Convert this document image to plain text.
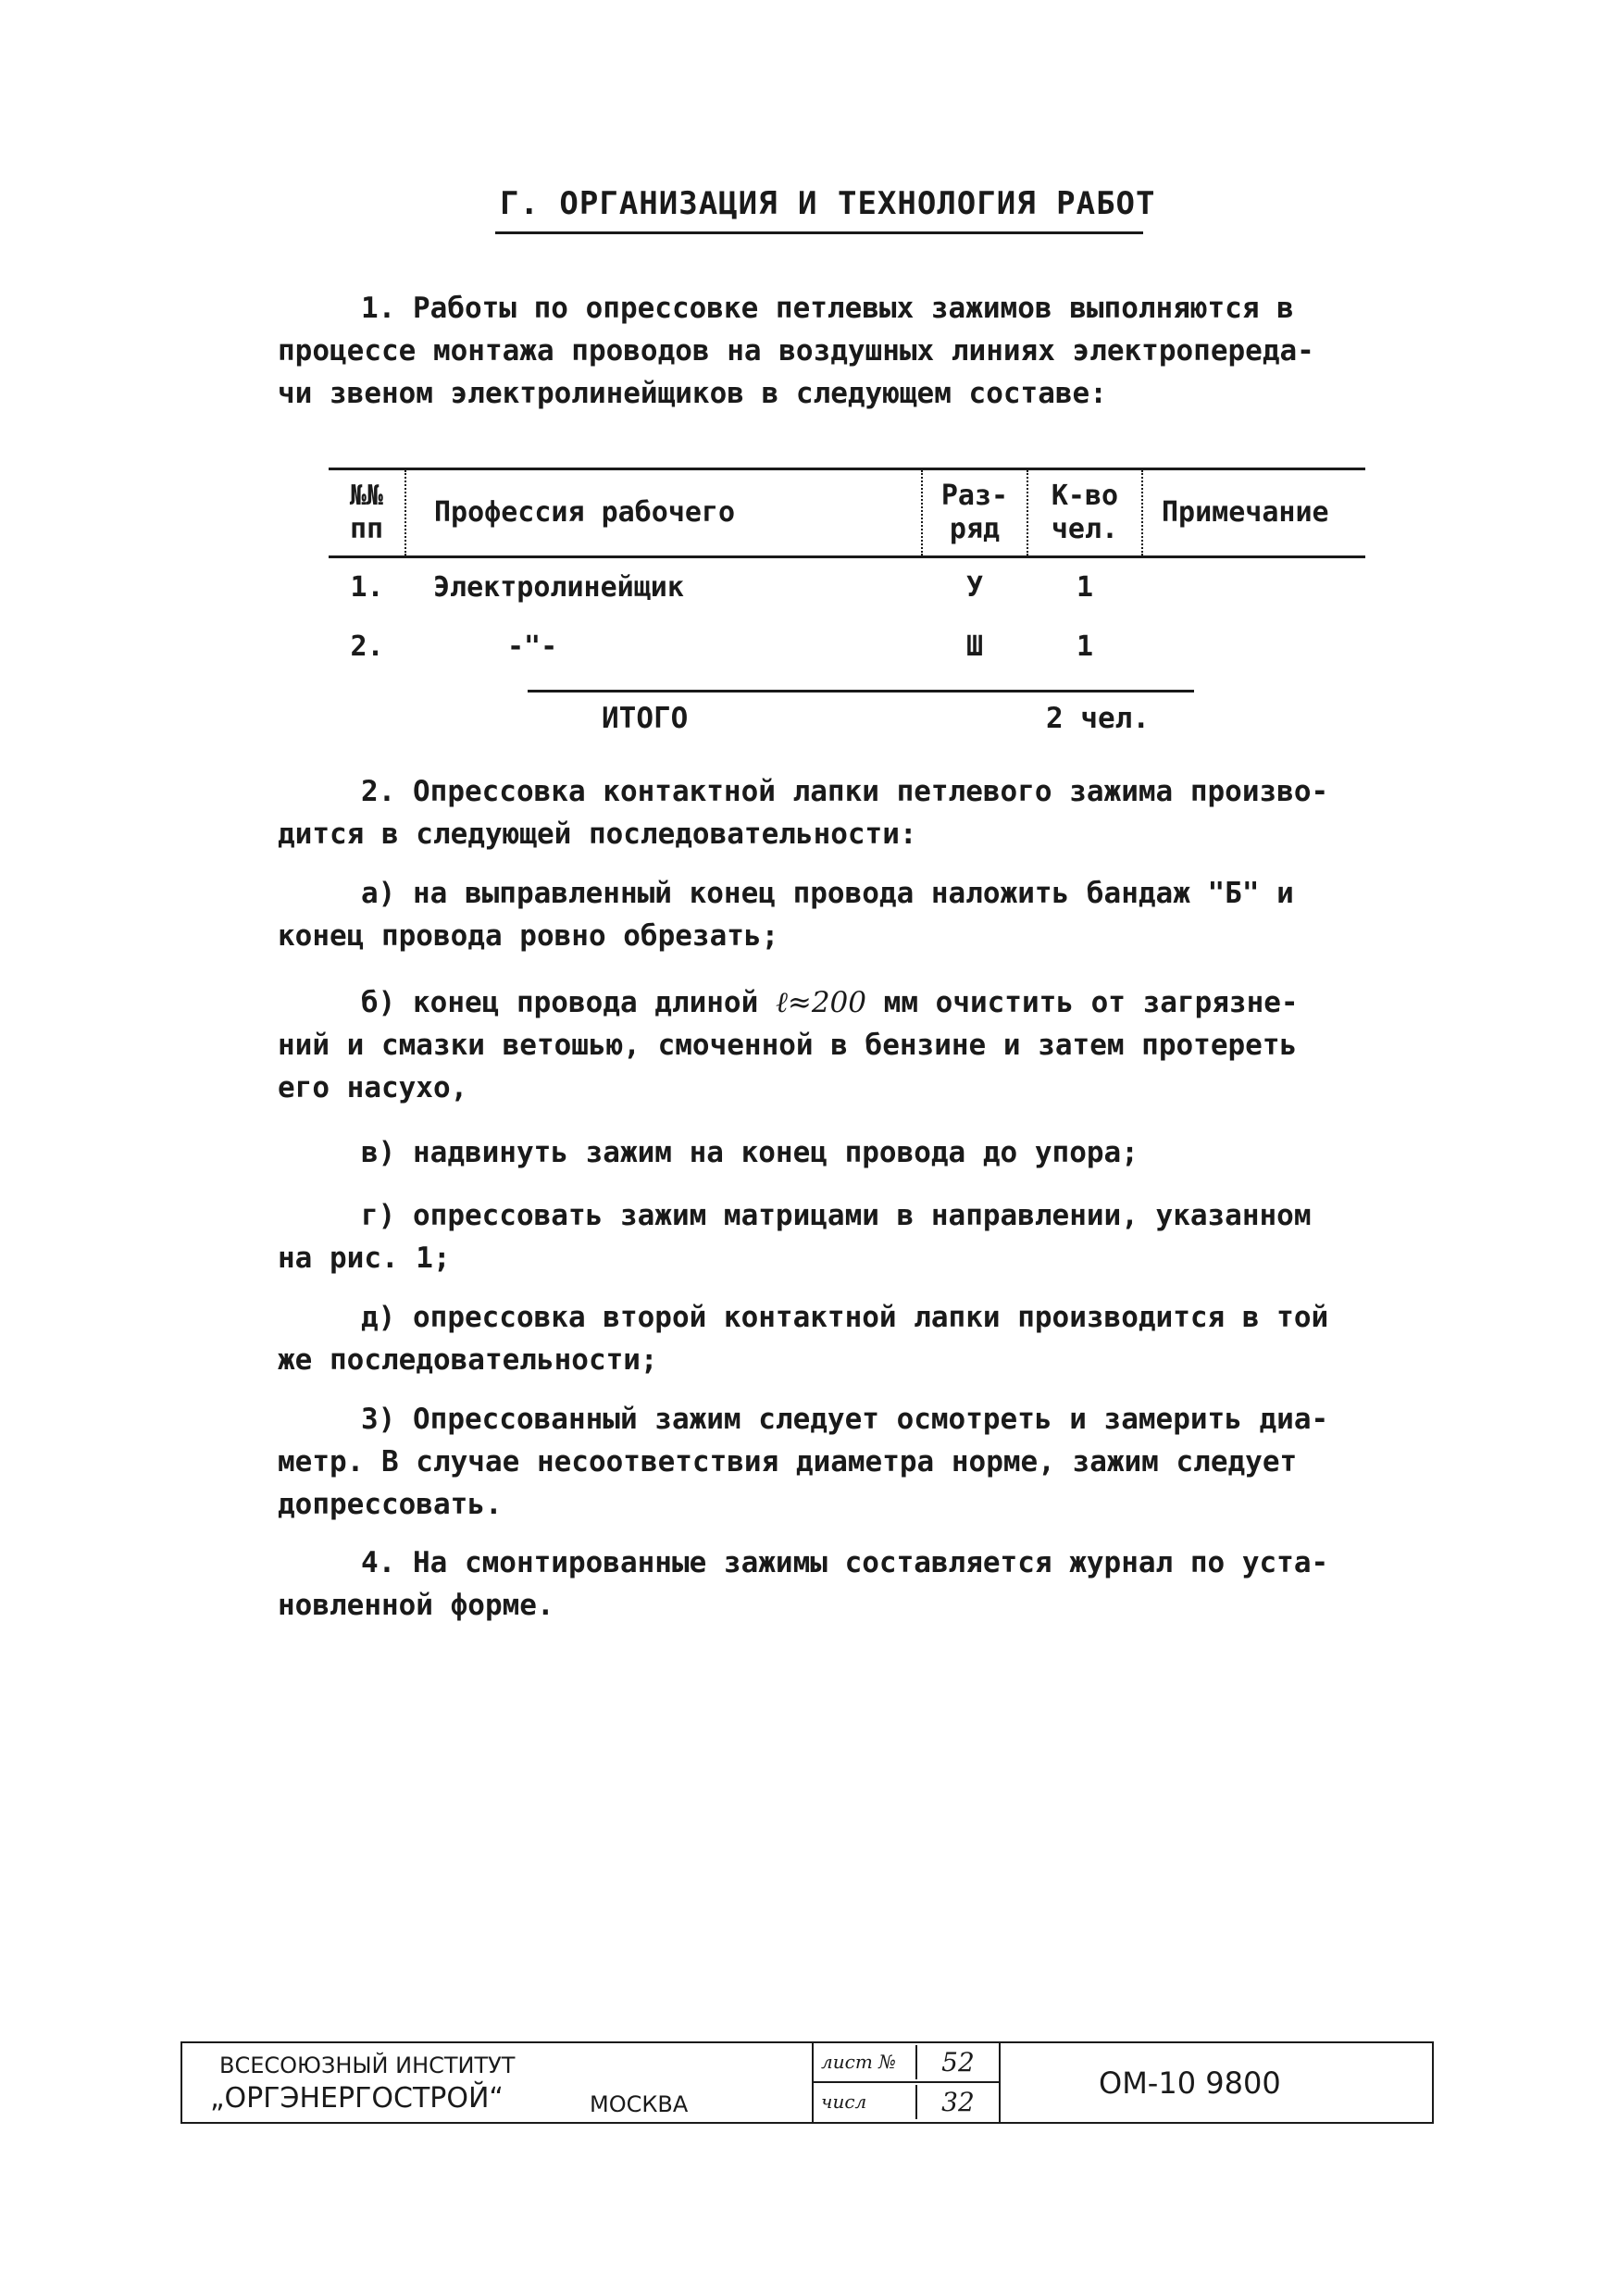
Г. ОРГАНИЗАЦИЯ И ТЕХНОЛОГИЯ РАБОТ
1. Работы по опрессовке петлевых зажимов выполняются в
процессе монтажа проводов на воздушных линиях электропереда-
чи звеном электролинейщиков в следующем составе:
№№ пп	Профессия рабочего	Раз- ряд	К-во чел.	Примечание
1.	Электролинейщик	У	1	
2.	-"-	Ш	1	
ИТОГО	2 чел.
2. Опрессовка контактной лапки петлевого зажима произво-
дится в следующей последовательности:
а) на выправленный конец провода наложить бандаж "Б" и
конец провода ровно обрезать;
б) конец провода длиной ℓ≈200 мм очистить от загрязне-
ний и смазки ветошью, смоченной в бензине и затем протереть
его насухо,
в) надвинуть зажим на конец провода до упора;
г) опрессовать зажим матрицами в направлении, указанном
на рис. 1;
д) опрессовка второй контактной лапки производится в той
же последовательности;
3) Опрессованный зажим следует осмотреть и замерить диа-
метр. В случае несоответствия диаметра норме, зажим следует
допрессовать.
4. На смонтированные зажимы составляется журнал по уста-
новленной форме.
ВСЕСОЮЗНЫЙ ИНСТИТУТ
„ОРГЭНЕРГОСТРОЙ“	МОСКВА
лист №	52
числ	32
ОМ-10 9800
